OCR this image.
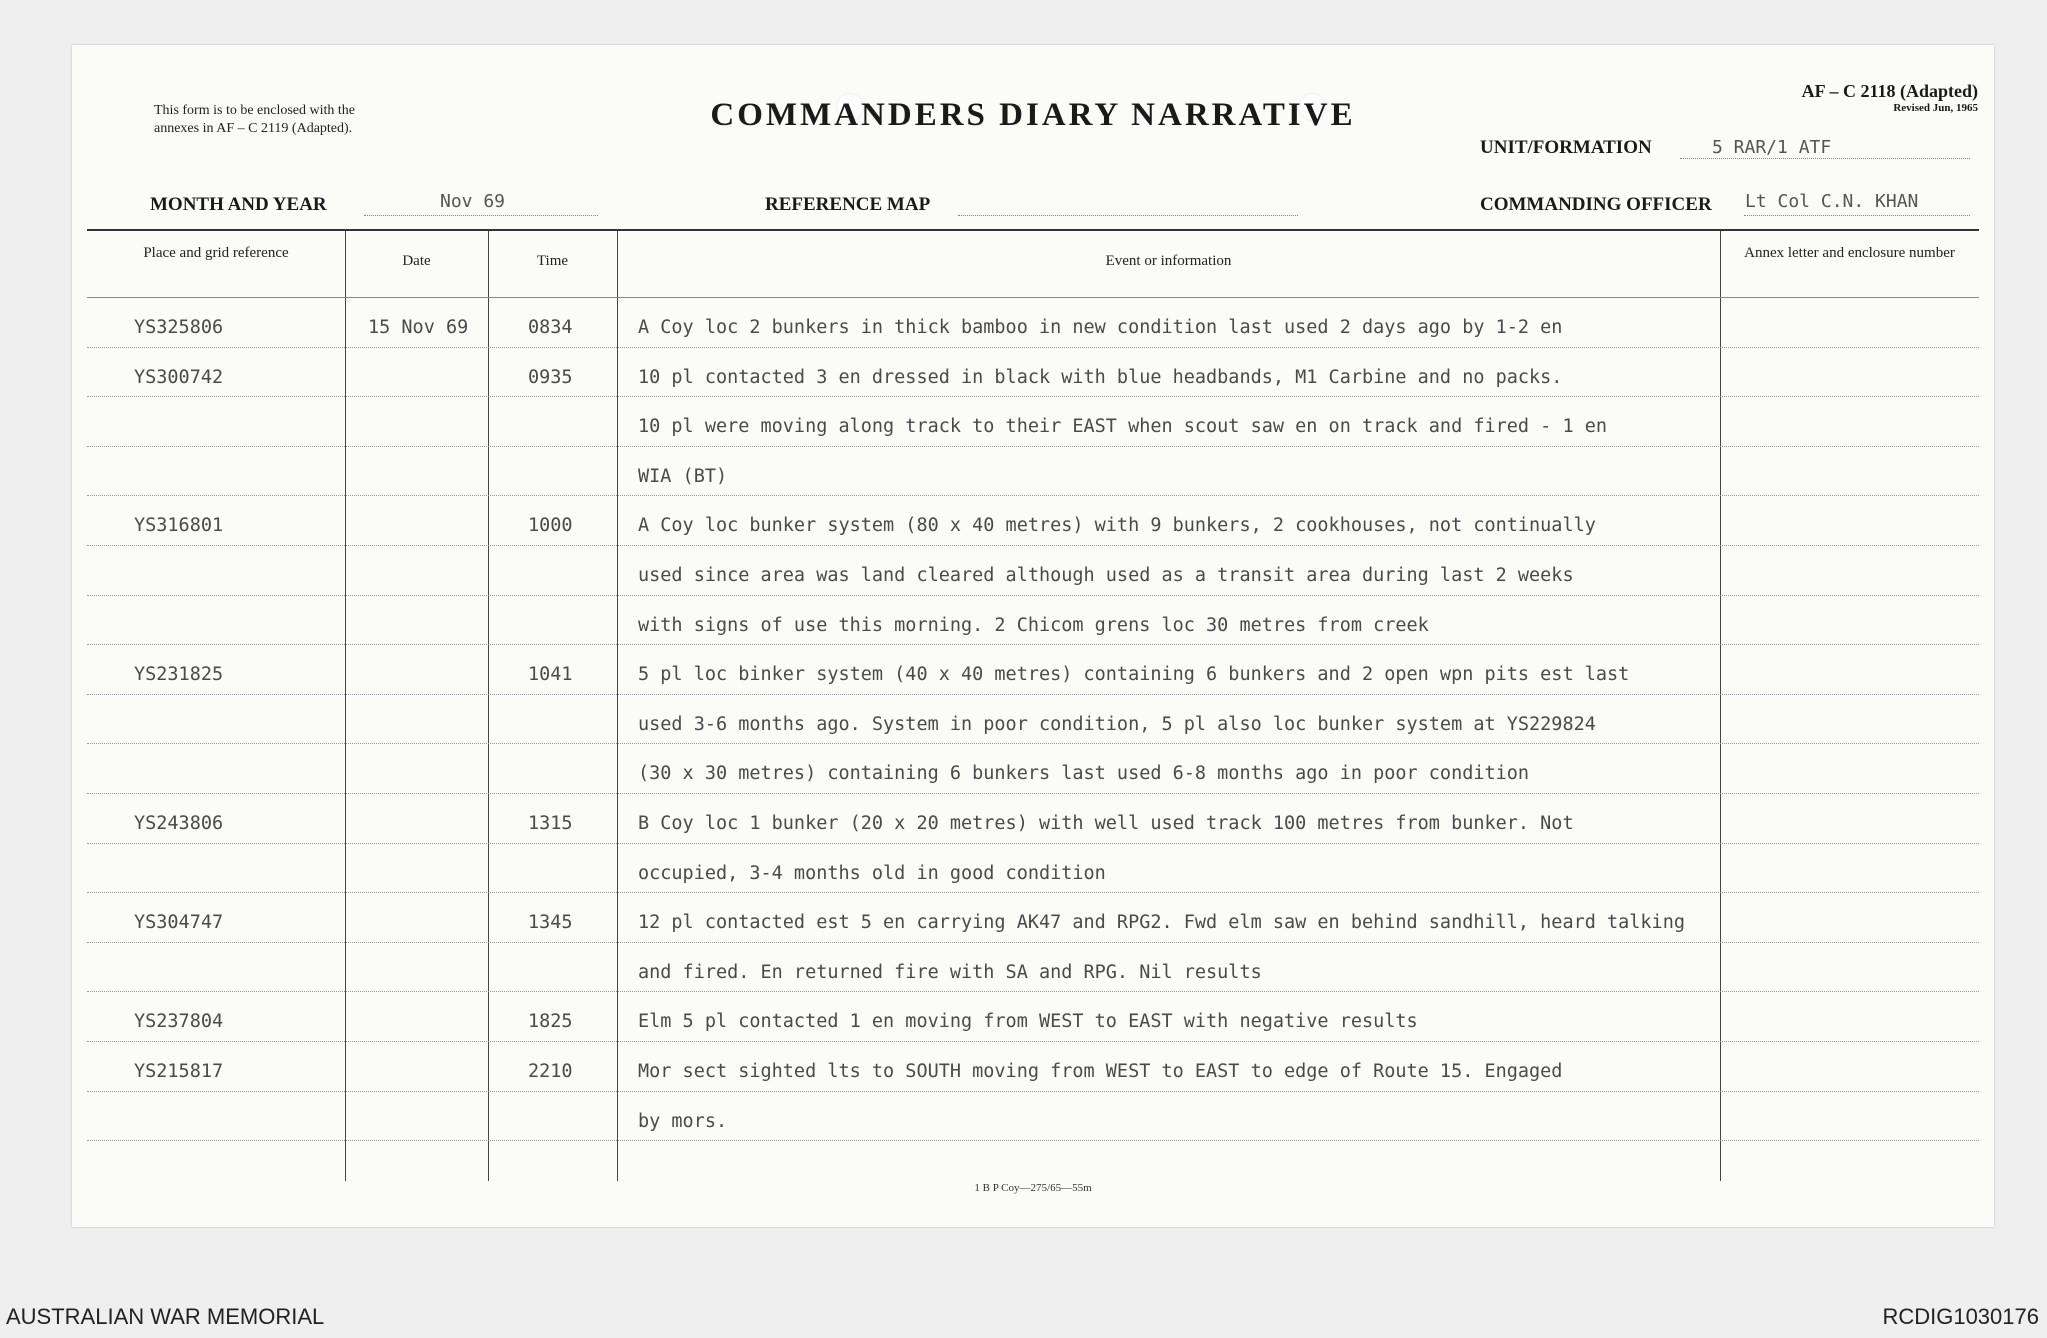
This form is to be enclosed with the
annexes in AF – C 2119 (Adapted).	COMMANDERS DIARY NARRATIVE
AF – C 2118 (Adapted)
Revised Jun, 1965
UNIT/FORMATION	5 RAR/1 ATF
MONTH AND YEAR	Nov 69	REFERENCE MAP	COMMANDING OFFICER Lt Col C.N. KHAN
Place and grid reference	Date	Time	Event or information	Annex letter and enclosure number
YS325806	15 Nov 69	0834	A Coy loc 2 bunkers in thick bamboo in new condition last used 2 days ago by 1-2 en
YS300742	0935	10 pl contacted 3 en dressed in black with blue headbands, M1 Carbine and no packs.
10 pl were moving along track to their EAST when scout saw en on track and fired - 1 en
WIA (BT)
YS316801	1000	A Coy loc bunker system (80 x 40 metres) with 9 bunkers, 2 cookhouses, not continually
used since area was land cleared although used as a transit area during last 2 weeks
with signs of use this morning. 2 Chicom grens loc 30 metres from creek
YS231825	1041	5 pl loc binker system (40 x 40 metres) containing 6 bunkers and 2 open wpn pits est last
used 3-6 months ago. System in poor condition, 5 pl also loc bunker system at YS229824
(30 x 30 metres) containing 6 bunkers last used 6-8 months ago in poor condition
YS243806	1315	B Coy loc 1 bunker (20 x 20 metres) with well used track 100 metres from bunker. Not
occupied, 3-4 months old in good condition
YS304747	1345	12 pl contacted est 5 en carrying AK47 and RPG2. Fwd elm saw en behind sandhill, heard talking
and fired. En returned fire with SA and RPG. Nil results
YS237804	1825	Elm 5 pl contacted 1 en moving from WEST to EAST with negative results
YS215817	2210	Mor sect sighted lts to SOUTH moving from WEST to EAST to edge of Route 15. Engaged
by mors.
1 B P Coy—275/65—55m
AUSTRALIAN WAR MEMORIAL	RCDIG1030176
